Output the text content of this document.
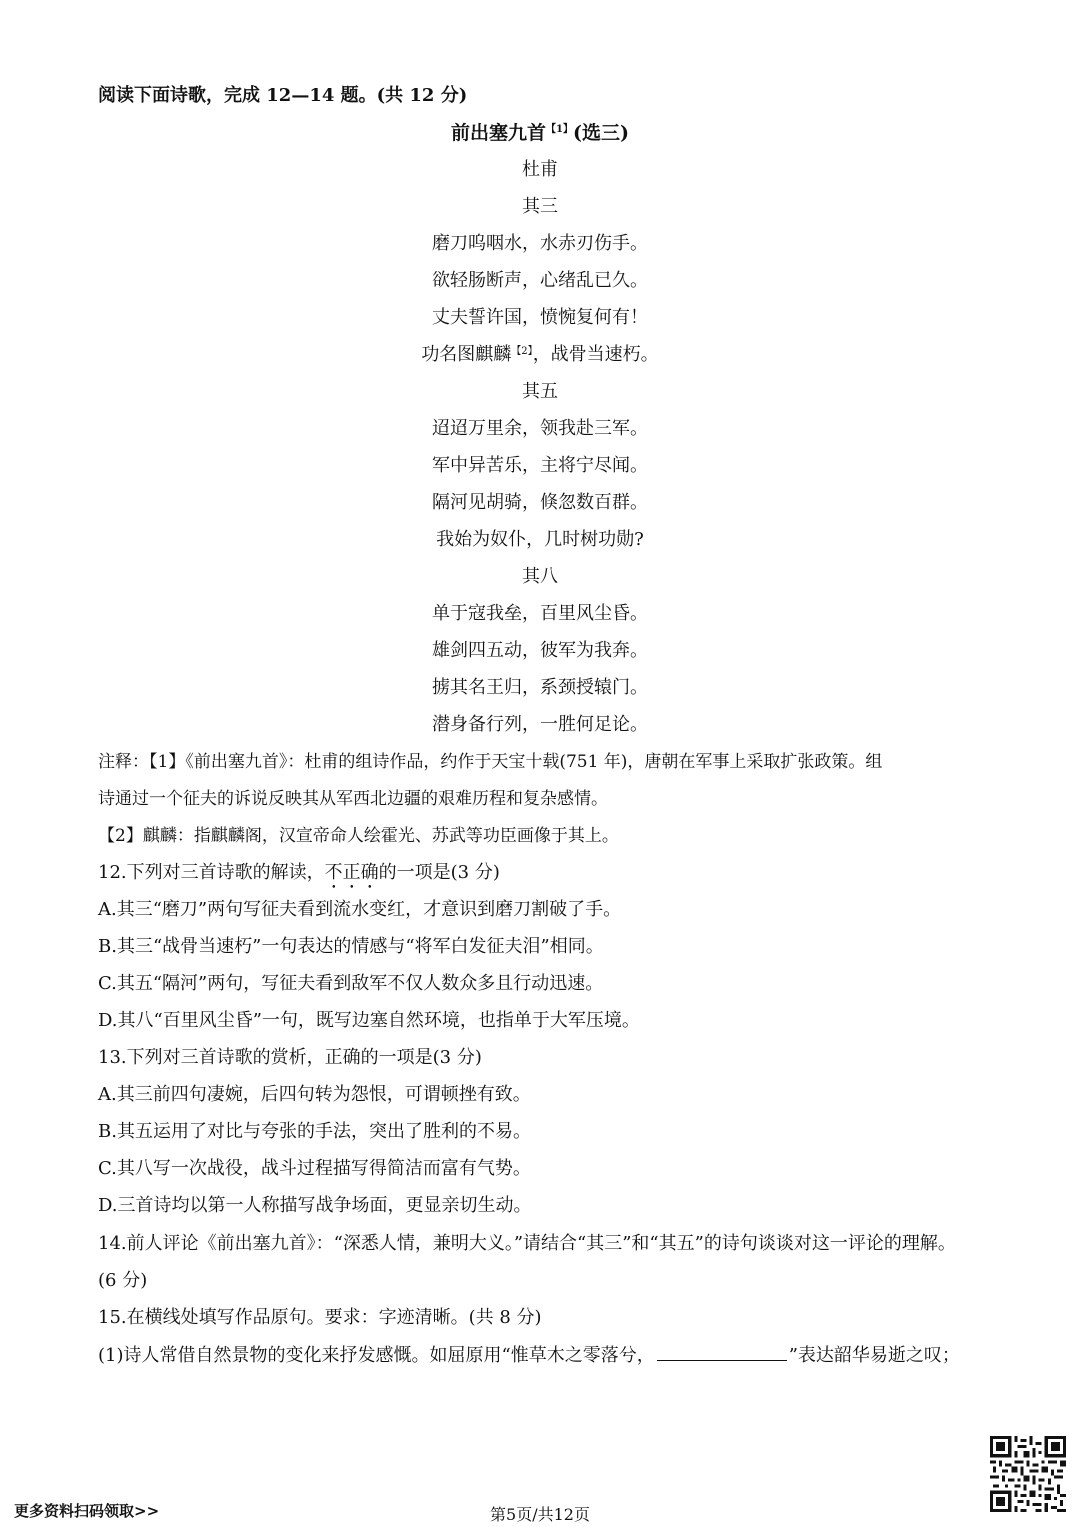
阅读下面诗歌，完成 12—14 题。(共 12 分)
前出塞九首$^{【1】}$(选三)
杜甫
其三
磨刀呜咽水，水赤刃伤手。
欲轻肠断声，心绪乱已久。
丈夫誓许国，愤惋复何有！
功名图麒麟$^{【2】}$，战骨当速朽。
其五
迢迢万里余，领我赴三军。
军中异苦乐，主将宁尽闻。
隔河见胡骑，倏忽数百群。
我始为奴仆，几时树功勋?
其八
单于寇我垒，百里风尘昏。
雄剑四五动，彼军为我奔。
掳其名王归，系颈授辕门。
潜身备行列，一胜何足论。
注释：【1】《前出塞九首》：杜甫的组诗作品，约作于天宝十载(751 年)，唐朝在军事上采取扩张政策。组
诗通过一个征夫的诉说反映其从军西北边疆的艰难历程和复杂感情。
【2】麒麟：指麒麟阁，汉宣帝命人绘霍光、苏武等功臣画像于其上。
12.下列对三首诗歌的解读，不正确的一项是(3 分)
A.其三“磨刀”两句写征夫看到流水变红，才意识到磨刀割破了手。
B.其三“战骨当速朽”一句表达的情感与“将军白发征夫泪”相同。
C.其五“隔河”两句，写征夫看到敌军不仅人数众多且行动迅速。
D.其八“百里风尘昏”一句，既写边塞自然环境，也指单于大军压境。
13.下列对三首诗歌的赏析，正确的一项是(3 分)
A.其三前四句凄婉，后四句转为怨恨，可谓顿挫有致。
B.其五运用了对比与夸张的手法，突出了胜利的不易。
C.其八写一次战役，战斗过程描写得简洁而富有气势。
D.三首诗均以第一人称描写战争场面，更显亲切生动。
14.前人评论《前出塞九首》：“深悉人情，兼明大义。”请结合“其三”和“其五”的诗句谈谈对这一评论的理解。
(6 分)
15.在横线处填写作品原句。要求：字迹清晰。(共 8 分)
(1)诗人常借自然景物的变化来抒发感慨。如屈原用“惟草木之零落兮，	”表达韶华易逝之叹；
更多资料扫码领取>>	第5页/共12页
